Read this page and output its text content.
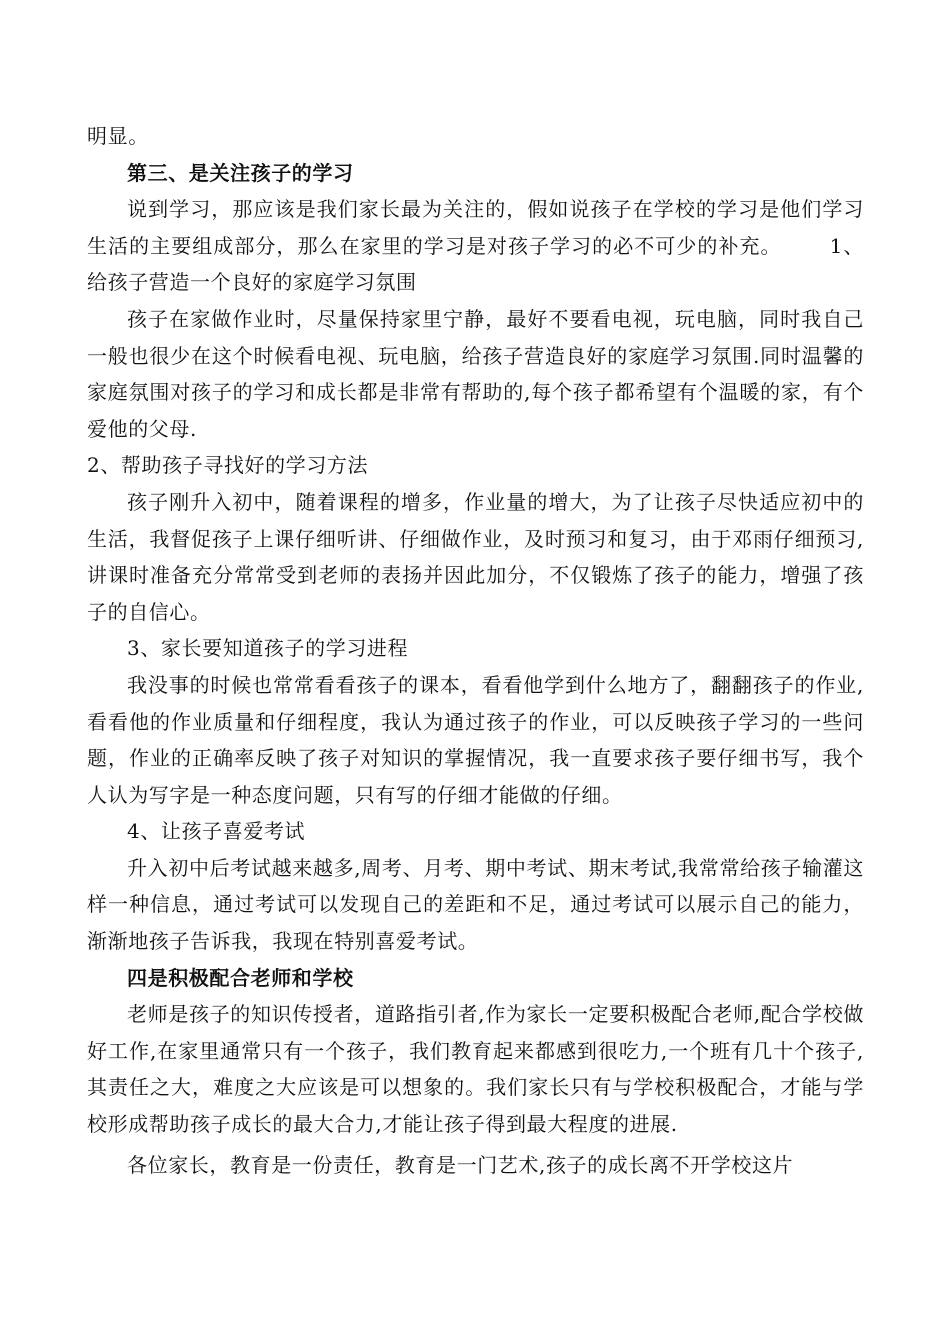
明显。

第三、是关注孩子的学习

说到学习，那应该是我们家长最为关注的，假如说孩子在学校的学习是他们学习生活的主要组成部分，那么在家里的学习是对孩子学习的必不可少的补充。 1、给孩子营造一个良好的家庭学习氛围

孩子在家做作业时，尽量保持家里宁静，最好不要看电视，玩电脑，同时我自己一般也很少在这个时候看电视、玩电脑，给孩子营造良好的家庭学习氛围.同时温馨的家庭氛围对孩子的学习和成长都是非常有帮助的,每个孩子都希望有个温暖的家，有个爱他的父母.

2、帮助孩子寻找好的学习方法

孩子刚升入初中，随着课程的增多，作业量的增大，为了让孩子尽快适应初中的生活，我督促孩子上课仔细听讲、仔细做作业，及时预习和复习，由于邓雨仔细预习,讲课时准备充分常常受到老师的表扬并因此加分，不仅锻炼了孩子的能力，增强了孩子的自信心。

3、家长要知道孩子的学习进程

我没事的时候也常常看看孩子的课本，看看他学到什么地方了，翻翻孩子的作业,看看他的作业质量和仔细程度，我认为通过孩子的作业，可以反映孩子学习的一些问题，作业的正确率反映了孩子对知识的掌握情况，我一直要求孩子要仔细书写，我个人认为写字是一种态度问题，只有写的仔细才能做的仔细。

4、让孩子喜爱考试

升入初中后考试越来越多,周考、月考、期中考试、期末考试,我常常给孩子输灌这样一种信息，通过考试可以发现自己的差距和不足，通过考试可以展示自己的能力，渐渐地孩子告诉我，我现在特别喜爱考试。

四是积极配合老师和学校

老师是孩子的知识传授者，道路指引者,作为家长一定要积极配合老师,配合学校做好工作,在家里通常只有一个孩子，我们教育起来都感到很吃力,一个班有几十个孩子,其责任之大，难度之大应该是可以想象的。我们家长只有与学校积极配合，才能与学校形成帮助孩子成长的最大合力,才能让孩子得到最大程度的进展.

各位家长，教育是一份责任，教育是一门艺术,孩子的成长离不开学校这片
